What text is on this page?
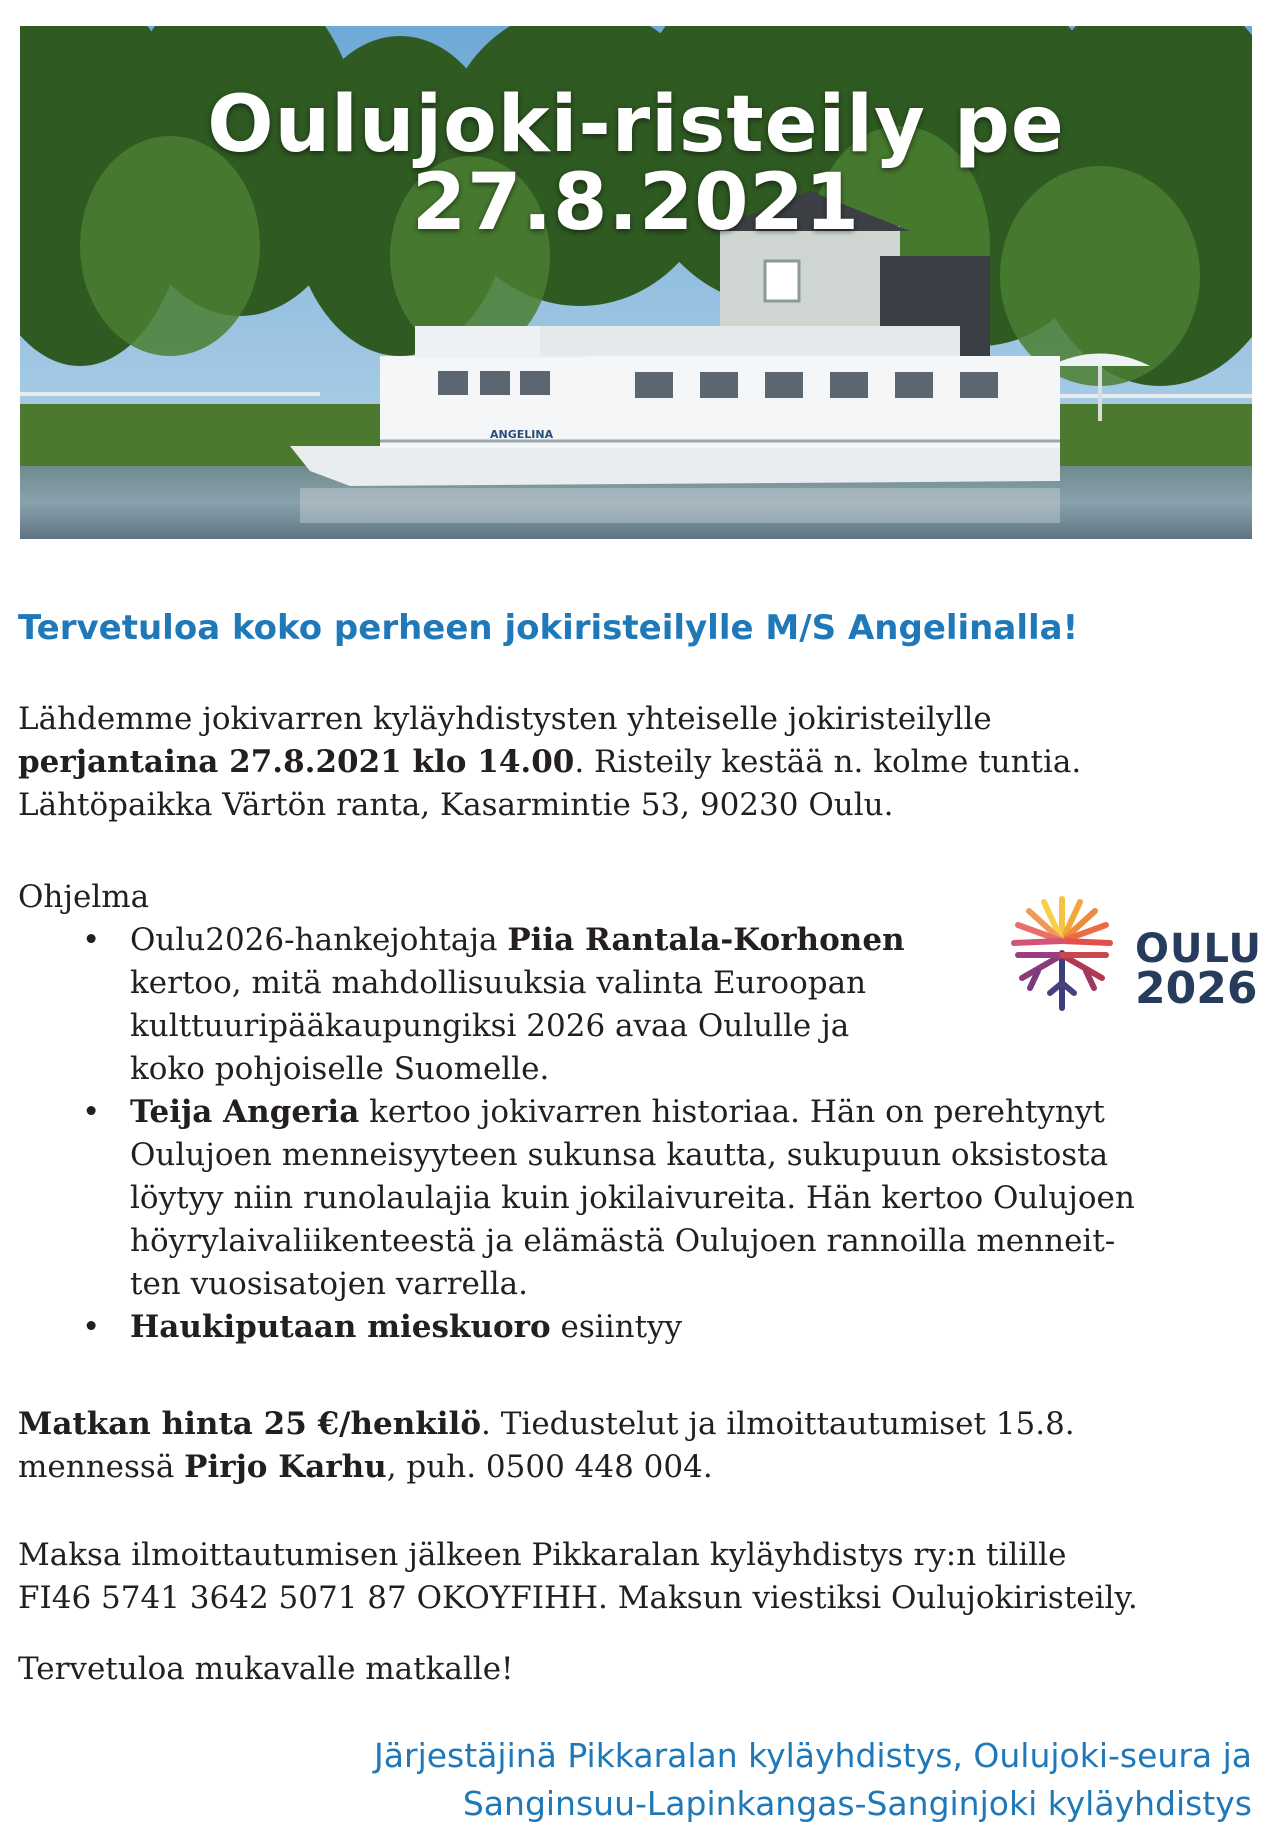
ANGELINA
Oulujoki-risteily pe 27.8.2021
Tervetuloa koko perheen jokiristeilylle M/S Angelinalla!
Lähdemme jokivarren kyläyhdistysten yhteiselle jokiristeilylle
perjantaina 27.8.2021 klo 14.00. Risteily kestää n. kolme tuntia.
Lähtöpaikka Värtön ranta, Kasarmintie 53, 90230 Oulu.
Ohjelma
• Oulu2026-hankejohtaja Piia Rantala-Korhonen
kertoo, mitä mahdollisuuksia valinta Euroopan
kulttuuripääkaupungiksi 2026 avaa Oululle ja
koko pohjoiselle Suomelle.
• Teija Angeria kertoo jokivarren historiaa. Hän on perehtynyt
Oulujoen menneisyyteen sukunsa kautta, sukupuun oksistosta
löytyy niin runolaulajia kuin jokilaivureita. Hän kertoo Oulujoen
höyrylaivaliikenteestä ja elämästä Oulujoen rannoilla menneit-
ten vuosisatojen varrella.
• Haukiputaan mieskuoro esiintyy
OULU
2026
Matkan hinta 25 €/henkilö. Tiedustelut ja ilmoittautumiset 15.8.
mennessä Pirjo Karhu, puh. 0500 448 004.
Maksa ilmoittautumisen jälkeen Pikkaralan kyläyhdistys ry:n tilille
FI46 5741 3642 5071 87 OKOYFIHH. Maksun viestiksi Oulujokiristeily.
Tervetuloa mukavalle matkalle!
Järjestäjinä Pikkaralan kyläyhdistys, Oulujoki-seura ja
Sanginsuu-Lapinkangas-Sanginjoki kyläyhdistys
